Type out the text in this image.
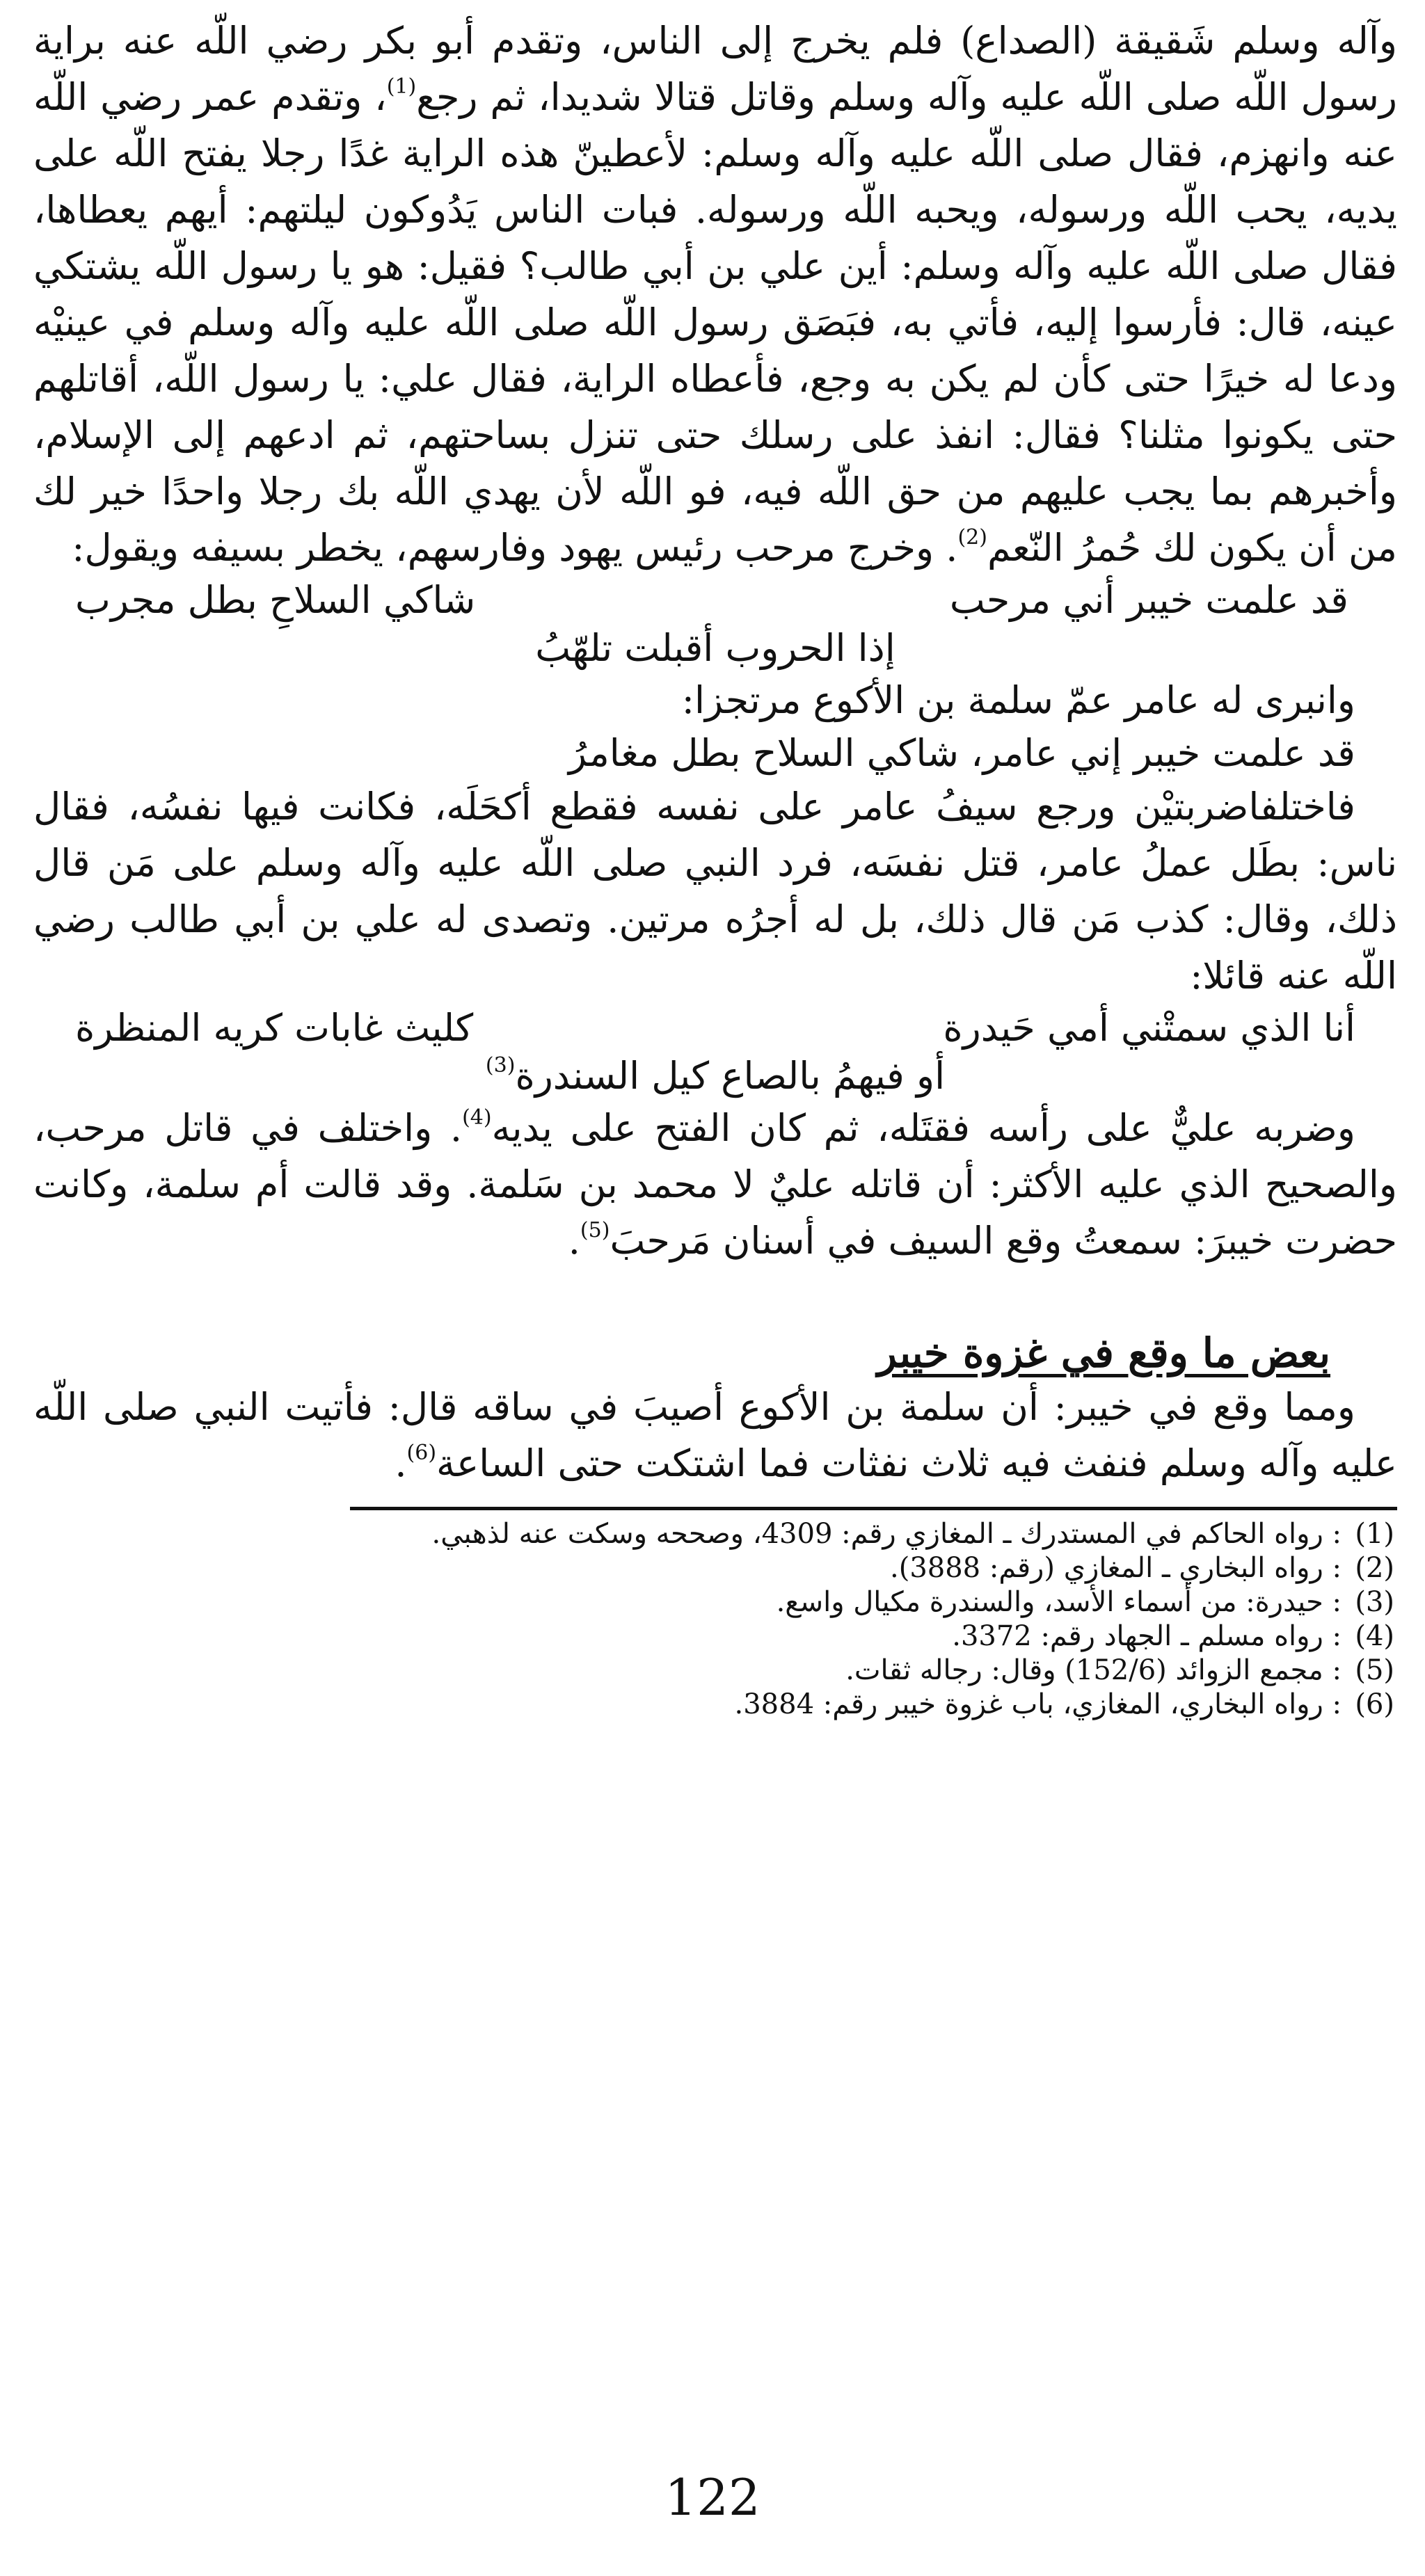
وآله وسلم شَقيقة (الصداع) فلم يخرج إلى الناس، وتقدم أبو بكر رضي اللّه عنه براية رسول اللّه صلى اللّه عليه وآله وسلم وقاتل قتالا شديدا، ثم رجع$^{(1)}$، وتقدم عمر رضي اللّه عنه وانهزم، فقال صلى اللّه عليه وآله وسلم: لأعطينّ هذه الراية غدًا رجلا يفتح اللّه على يديه، يحب اللّه ورسوله، ويحبه اللّه ورسوله. فبات الناس يَدُوكون ليلتهم: أيهم يعطاها، فقال صلى اللّه عليه وآله وسلم: أين علي بن أبي طالب؟ فقيل: هو يا رسول اللّه يشتكي عينه، قال: فأرسوا إليه، فأتي به، فبَصَق رسول اللّه صلى اللّه عليه وآله وسلم في عينيْه ودعا له خيرًا حتى كأن لم يكن به وجع، فأعطاه الراية، فقال علي: يا رسول اللّه، أقاتلهم حتى يكونوا مثلنا؟ فقال: انفذ على رسلك حتى تنزل بساحتهم، ثم ادعهم إلى الإسلام، وأخبرهم بما يجب عليهم من حق اللّه فيه، فو اللّه لأن يهدي اللّه بك رجلا واحدًا خير لك من أن يكون لك حُمرُ النّعم$^{(2)}$. وخرج مرحب رئيس يهود وفارسهم، يخطر بسيفه ويقول:

قد علمت خيبر أني مرحب
شاكي السلاحِ بطل مجرب

إذا الحروب أقبلت تلهّبُ

وانبرى له عامر عمّ سلمة بن الأكوع مرتجزا:

قد علمت خيبر إني عامر، شاكي السلاح بطل مغامرُ

فاختلفاضربتيْن ورجع سيفُ عامر على نفسه فقطع أكحَلَه، فكانت فيها نفسُه، فقال ناس: بطَل عملُ عامر، قتل نفسَه، فرد النبي صلى اللّه عليه وآله وسلم على مَن قال ذلك، وقال: كذب مَن قال ذلك، بل له أجرُه مرتين. وتصدى له علي بن أبي طالب رضي اللّه عنه قائلا:

أنا الذي سمتْني أمي حَيدرة
كليث غابات كريه المنظرة

أو فيهمُ بالصاع كيل السندرة$^{(3)}$

وضربه عليٌّ على رأسه فقتَله، ثم كان الفتح على يديه$^{(4)}$. واختلف في قاتل مرحب، والصحيح الذي عليه الأكثر: أن قاتله عليٌ لا محمد بن سَلمة. وقد قالت أم سلمة، وكانت حضرت خيبرَ: سمعتُ وقع السيف في أسنان مَرحبَ$^{(5)}$.

بعض ما وقع في غزوة خيبر

ومما وقع في خيبر: أن سلمة بن الأكوع أصيبَ في ساقه قال: فأتيت النبي صلى اللّه عليه وآله وسلم فنفث فيه ثلاث نفثات فما اشتكت حتى الساعة$^{(6)}$.

(1): رواه الحاكم في المستدرك ـ المغازي رقم: 4309، وصححه وسكت عنه لذهبي.

(2): رواه البخاري ـ المغازي (رقم: 3888).

(3): حيدرة: من أسماء الأسد، والسندرة مكيال واسع.

(4): رواه مسلم ـ الجهاد رقم: 3372.

(5): مجمع الزوائد (152/6) وقال: رجاله ثقات.

(6): رواه البخاري، المغازي، باب غزوة خيبر رقم: 3884.

122
